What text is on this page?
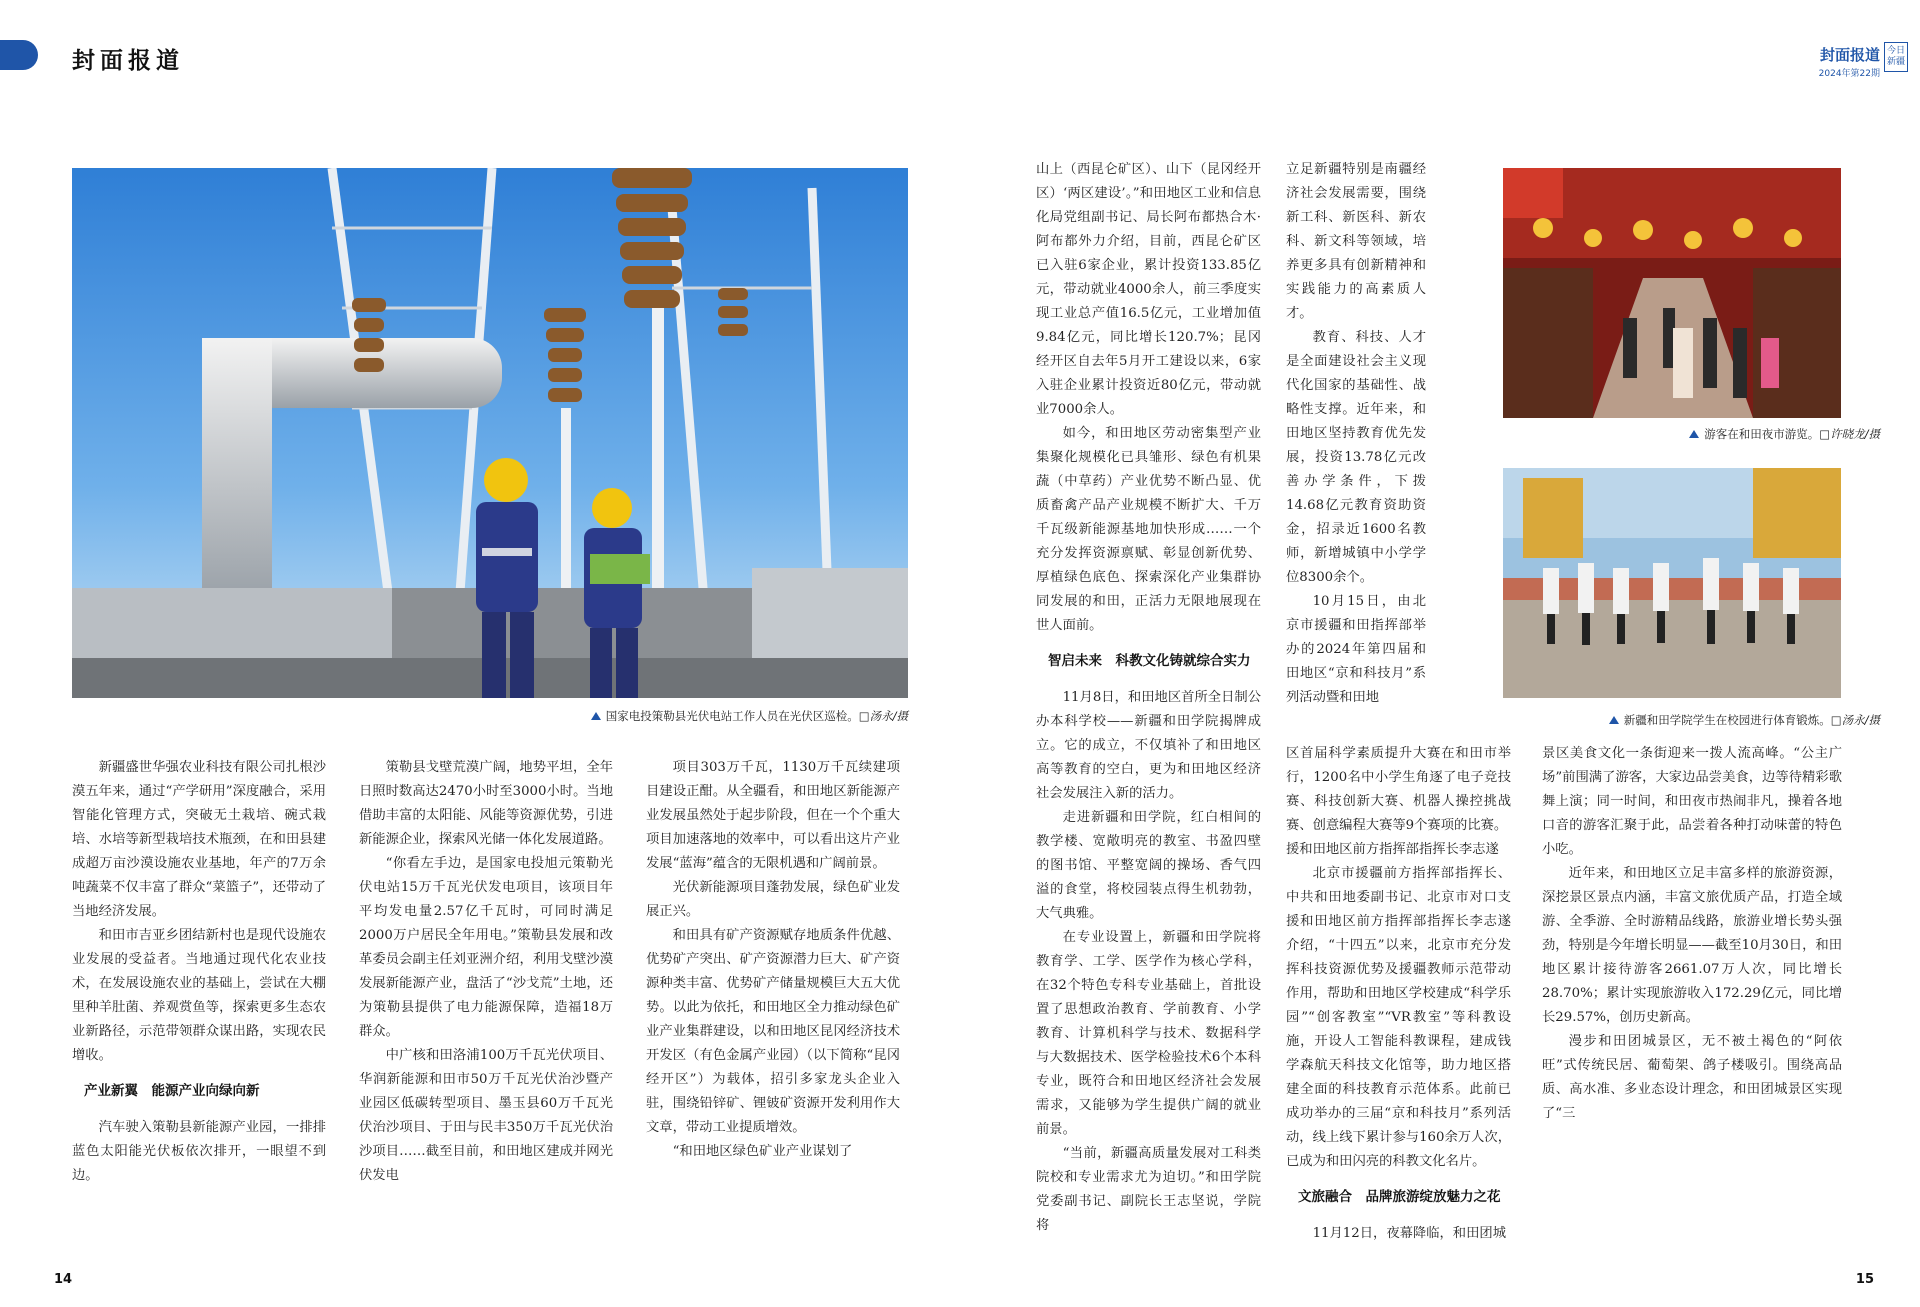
封面报道
国家电投策勒县光伏电站工作人员在光伏区巡检。□汤永/摄

新疆盛世华强农业科技有限公司扎根沙漠五年来，通过“产学研用”深度融合，采用智能化管理方式，突破无土栽培、碗式栽培、水培等新型栽培技术瓶颈，在和田县建成超万亩沙漠设施农业基地，年产的7万余吨蔬菜不仅丰富了群众“菜篮子”，还带动了当地经济发展。

和田市吉亚乡团结新村也是现代设施农业发展的受益者。当地通过现代化农业技术，在发展设施农业的基础上，尝试在大棚里种羊肚菌、养观赏鱼等，探索更多生态农业新路径，示范带领群众谋出路，实现农民增收。

产业新翼　能源产业向绿向新

汽车驶入策勒县新能源产业园，一排排蓝色太阳能光伏板依次排开，一眼望不到边。

策勒县戈壁荒漠广阔，地势平坦，全年日照时数高达2470小时至3000小时。当地借助丰富的太阳能、风能等资源优势，引进新能源企业，探索风光储一体化发展道路。

“你看左手边，是国家电投旭元策勒光伏电站15万千瓦光伏发电项目，该项目年平均发电量2.57亿千瓦时，可同时满足2000万户居民全年用电。”策勒县发展和改革委员会副主任刘亚洲介绍，利用戈壁沙漠发展新能源产业，盘活了“沙戈荒”土地，还为策勒县提供了电力能源保障，造福18万群众。

中广核和田洛浦100万千瓦光伏项目、华润新能源和田市50万千瓦光伏治沙暨产业园区低碳转型项目、墨玉县60万千瓦光伏治沙项目、于田与民丰350万千瓦光伏治沙项目……截至目前，和田地区建成并网光伏发电

项目303万千瓦，1130万千瓦续建项目建设正酣。从全疆看，和田地区新能源产业发展虽然处于起步阶段，但在一个个重大项目加速落地的效率中，可以看出这片产业发展“蓝海”蕴含的无限机遇和广阔前景。

光伏新能源项目蓬勃发展，绿色矿业发展正兴。

和田具有矿产资源赋存地质条件优越、优势矿产突出、矿产资源潜力巨大、矿产资源种类丰富、优势矿产储量规模巨大五大优势。以此为依托，和田地区全力推动绿色矿业产业集群建设，以和田地区昆冈经济技术开发区（有色金属产业园）（以下简称“昆冈经开区”）为载体，招引多家龙头企业入驻，围绕铅锌矿、锂铍矿资源开发利用作大文章，带动工业提质增效。

“和田地区绿色矿业产业谋划了

14
封面报道
2024年第22期
今日新疆

山上（西昆仑矿区）、山下（昆冈经开区）‘两区建设’。”和田地区工业和信息化局党组副书记、局长阿布都热合木·阿布都外力介绍，目前，西昆仑矿区已入驻6家企业，累计投资133.85亿元，带动就业4000余人，前三季度实现工业总产值16.5亿元，工业增加值9.84亿元，同比增长120.7%；昆冈经开区自去年5月开工建设以来，6家入驻企业累计投资近80亿元，带动就业7000余人。

如今，和田地区劳动密集型产业集聚化规模化已具雏形、绿色有机果蔬（中草药）产业优势不断凸显、优质畜禽产品产业规模不断扩大、千万千瓦级新能源基地加快形成……一个充分发挥资源禀赋、彰显创新优势、厚植绿色底色、探索深化产业集群协同发展的和田，正活力无限地展现在世人面前。

智启未来　科教文化铸就综合实力

11月8日，和田地区首所全日制公办本科学校——新疆和田学院揭牌成立。它的成立，不仅填补了和田地区高等教育的空白，更为和田地区经济社会发展注入新的活力。

走进新疆和田学院，红白相间的教学楼、宽敞明亮的教室、书盈四壁的图书馆、平整宽阔的操场、香气四溢的食堂，将校园装点得生机勃勃，大气典雅。

在专业设置上，新疆和田学院将教育学、工学、医学作为核心学科，在32个特色专科专业基础上，首批设置了思想政治教育、学前教育、小学教育、计算机科学与技术、数据科学与大数据技术、医学检验技术6个本科专业，既符合和田地区经济社会发展需求，又能够为学生提供广阔的就业前景。

“当前，新疆高质量发展对工科类院校和专业需求尤为迫切。”和田学院党委副书记、副院长王志坚说，学院将

立足新疆特别是南疆经济社会发展需要，围绕新工科、新医科、新农科、新文科等领域，培养更多具有创新精神和实践能力的高素质人才。

教育、科技、人才是全面建设社会主义现代化国家的基础性、战略性支撑。近年来，和田地区坚持教育优先发展，投资13.78亿元改善办学条件，下拨14.68亿元教育资助资金，招录近1600名教师，新增城镇中小学学位8300余个。

10月15日，由北京市援疆和田指挥部举办的2024年第四届和田地区“京和科技月”系列活动暨和田地

游客在和田夜市游览。□许晓龙/摄
新疆和田学院学生在校园进行体育锻炼。□汤永/摄

区首届科学素质提升大赛在和田市举行，1200名中小学生角逐了电子竞技赛、科技创新大赛、机器人操控挑战赛、创意编程大赛等9个赛项的比赛。

援和田地区前方指挥部指挥长李志遂

北京市援疆前方指挥部指挥长、中共和田地委副书记、北京市对口支援和田地区前方指挥部指挥长李志遂介绍，“十四五”以来，北京市充分发挥科技资源优势及援疆教师示范带动作用，帮助和田地区学校建成“科学乐园”“创客教室”“VR教室”等科教设施，开设人工智能科教课程，建成钱学森航天科技文化馆等，助力地区搭建全面的科技教育示范体系。此前已成功举办的三届“京和科技月”系列活动，线上线下累计参与160余万人次，已成为和田闪亮的科教文化名片。

文旅融合　品牌旅游绽放魅力之花

11月12日，夜幕降临，和田团城

景区美食文化一条街迎来一拨人流高峰。“公主广场”前围满了游客，大家边品尝美食，边等待精彩歌舞上演；同一时间，和田夜市热闹非凡，操着各地口音的游客汇聚于此，品尝着各种打动味蕾的特色小吃。

近年来，和田地区立足丰富多样的旅游资源，深挖景区景点内涵，丰富文旅优质产品，打造全域游、全季游、全时游精品线路，旅游业增长势头强劲，特别是今年增长明显——截至10月30日，和田地区累计接待游客2661.07万人次，同比增长28.70%；累计实现旅游收入172.29亿元，同比增长29.57%，创历史新高。

漫步和田团城景区，无不被土褐色的“阿依旺”式传统民居、葡萄架、鸽子楼吸引。围绕高品质、高水准、多业态设计理念，和田团城景区实现了“三

15
